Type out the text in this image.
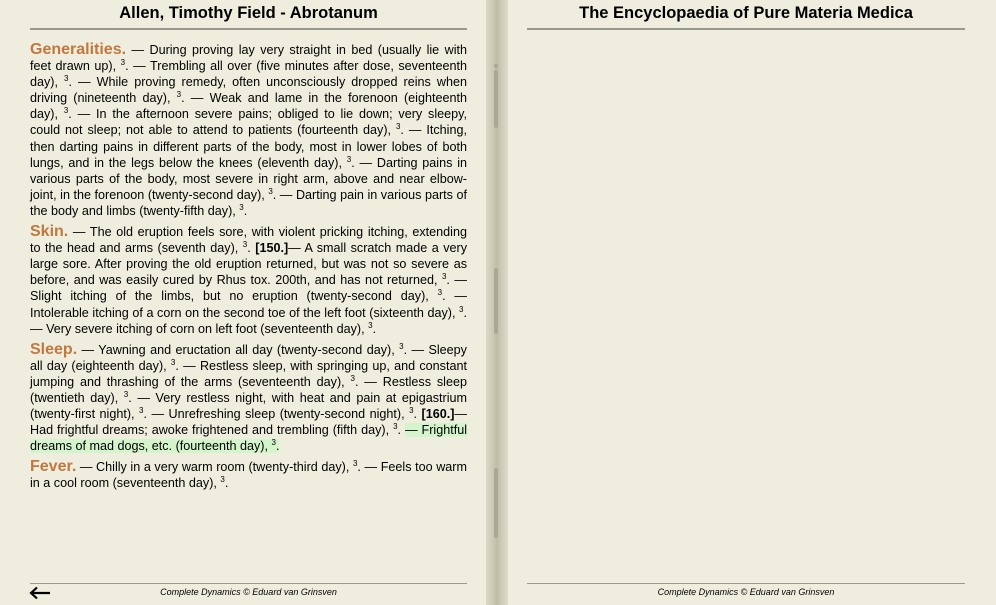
Allen, Timothy Field - Abrotanum	The Encyclopaedia of Pure Materia Medica
Generalities. — During proving lay very straight in bed (usually lie with feet drawn up), $^3$. — Trembling all over (five minutes after dose, seventeenth day), $^3$. — While proving remedy, often unconsciously dropped reins when driving (nineteenth day), $^3$. — Weak and lame in the forenoon (eighteenth day), $^3$. — In the afternoon severe pains; obliged to lie down; very sleepy, could not sleep; not able to attend to patients (fourteenth day), $^3$. — Itching, then darting pains in different parts of the body, most in lower lobes of both lungs, and in the legs below the knees (eleventh day), $^3$. — Darting pains in various parts of the body, most severe in right arm, above and near elbow-joint, in the forenoon (twenty-second day), $^3$. — Darting pain in various parts of the body and limbs (twenty-fifth day), $^3$.
Skin. — The old eruption feels sore, with violent pricking itching, extending to the head and arms (seventh day), $^3$. [150.]— A small scratch made a very large sore. After proving the old eruption returned, but was not so severe as before, and was easily cured by Rhus tox. 200th, and has not returned, $^3$. — Slight itching of the limbs, but no eruption (twenty-second day), $^3$. — Intolerable itching of a corn on the second toe of the left foot (sixteenth day), $^3$. — Very severe itching of corn on left foot (seventeenth day), $^3$.
Sleep. — Yawning and eructation all day (twenty-second day), $^3$. — Sleepy all day (eighteenth day), $^3$. — Restless sleep, with springing up, and constant jumping and thrashing of the arms (seventeenth day), $^3$. — Restless sleep (twentieth day), $^3$. — Very restless night, with heat and pain at epigastrium (twenty-first night), $^3$. — Unrefreshing sleep (twenty-second night), $^3$. [160.]— Had frightful dreams; awoke frightened and trembling (fifth day), $^3$. — Frightful dreams of mad dogs, etc. (fourteenth day), $^3$.
Fever. — Chilly in a very warm room (twenty-third day), $^3$. — Feels too warm in a cool room (seventeenth day), $^3$.
Complete Dynamics © Eduard van Grinsven	Complete Dynamics © Eduard van Grinsven
